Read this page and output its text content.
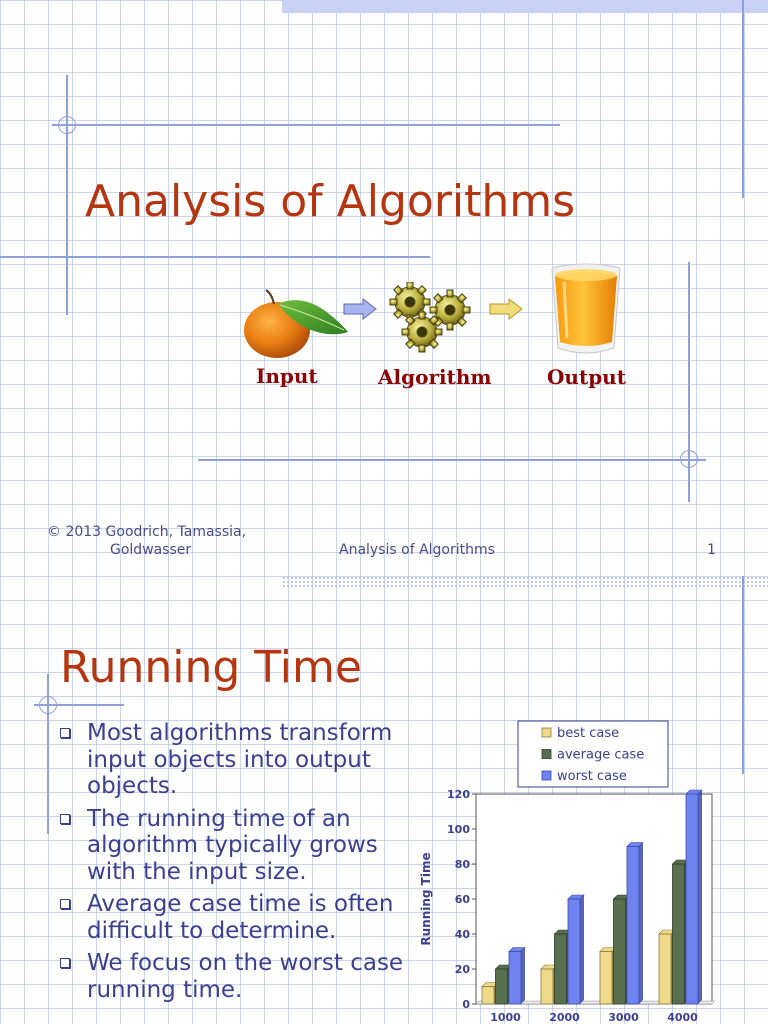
Analysis of Algorithms
Input	Algorithm	Output
© 2013 Goodrich, Tamassia,
Goldwasser	Analysis of Algorithms	1
Running Time
Most algorithms transform input objects into output objects.
The running time of an algorithm typically grows with the input size.
Average case time is often difficult to determine.
We focus on the worst case running time.
0
20
40
60
80
100
120
Running Time
1000	2000	3000	4000
best case
average case
worst case
